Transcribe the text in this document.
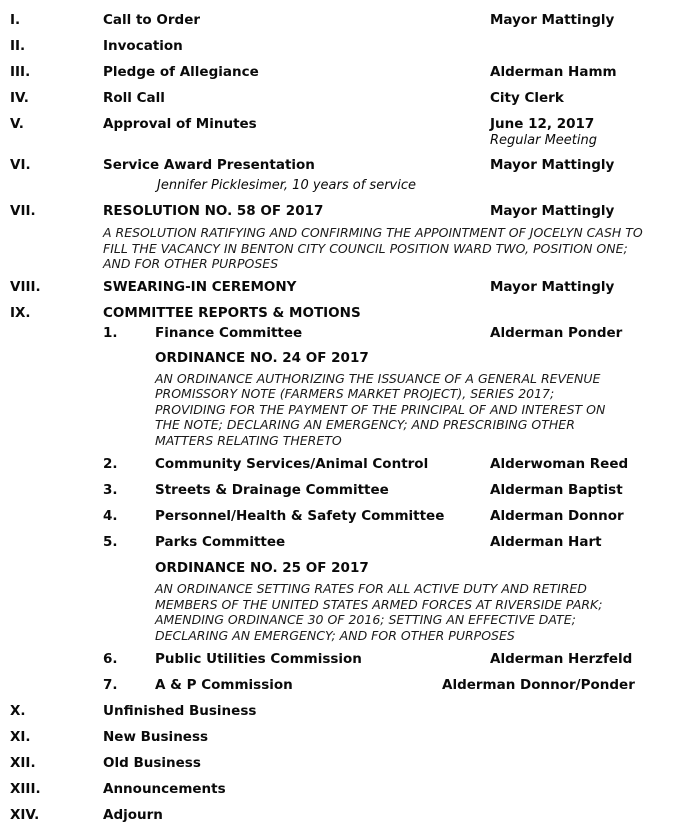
I.	Call to Order	Mayor Mattingly
II.	Invocation
III.	Pledge of Allegiance	Alderman Hamm
IV.	Roll Call	City Clerk
V.	Approval of Minutes	June 12, 2017
Regular Meeting
VI.	Service Award Presentation	Mayor Mattingly
Jennifer Picklesimer, 10 years of service
VII.	RESOLUTION NO. 58 OF 2017	Mayor Mattingly
A RESOLUTION RATIFYING AND CONFIRMING THE APPOINTMENT OF JOCELYN CASH TO FILL THE VACANCY IN BENTON CITY COUNCIL POSITION WARD TWO, POSITION ONE; AND FOR OTHER PURPOSES
VIII.	SWEARING-IN CEREMONY	Mayor Mattingly
IX.	COMMITTEE REPORTS & MOTIONS
1.	Finance Committee	Alderman Ponder
ORDINANCE NO. 24 OF 2017
AN ORDINANCE AUTHORIZING THE ISSUANCE OF A GENERAL REVENUE PROMISSORY NOTE (FARMERS MARKET PROJECT), SERIES 2017; PROVIDING FOR THE PAYMENT OF THE PRINCIPAL OF AND INTEREST ON THE NOTE; DECLARING AN EMERGENCY; AND PRESCRIBING OTHER MATTERS RELATING THERETO
2.	Community Services/Animal Control	Alderwoman Reed
3.	Streets & Drainage Committee	Alderman Baptist
4.	Personnel/Health & Safety Committee	Alderman Donnor
5.	Parks Committee	Alderman Hart
ORDINANCE NO. 25 OF 2017
AN ORDINANCE SETTING RATES FOR ALL ACTIVE DUTY AND RETIRED MEMBERS OF THE UNITED STATES ARMED FORCES AT RIVERSIDE PARK; AMENDING ORDINANCE 30 OF 2016; SETTING AN EFFECTIVE DATE; DECLARING AN EMERGENCY; AND FOR OTHER PURPOSES
6.	Public Utilities Commission	Alderman Herzfeld
7.	A & P Commission	Alderman Donnor/Ponder
X.	Unfinished Business
XI.	New Business
XII.	Old Business
XIII.	Announcements
XIV.	Adjourn
